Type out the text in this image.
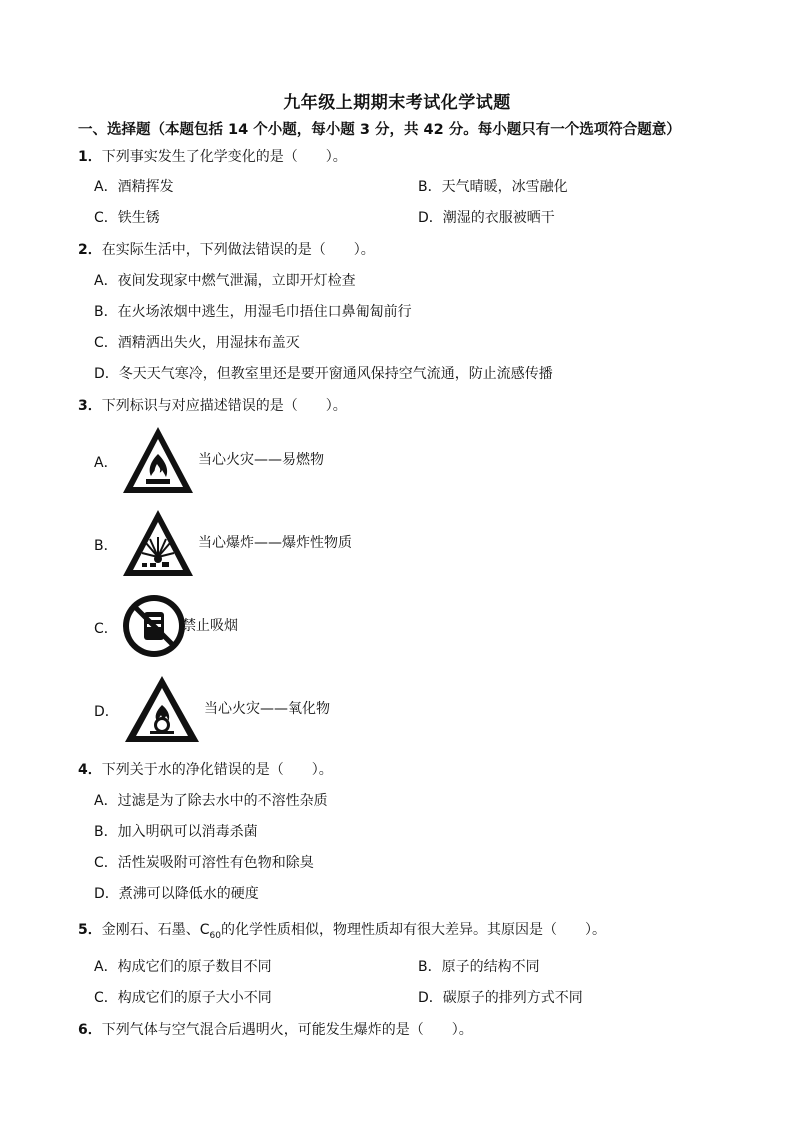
九年级上期期末考试化学试题
一、选择题（本题包括 14 个小题，每小题 3 分，共 42 分。每小题只有一个选项符合题意）
1．下列事实发生了化学变化的是（　　）。
A．酒精挥发	B．天气晴暖，冰雪融化
C．铁生锈	D．潮湿的衣服被晒干
2．在实际生活中，下列做法错误的是（　　）。
A．夜间发现家中燃气泄漏，立即开灯检查
B．在火场浓烟中逃生，用湿毛巾捂住口鼻匍匐前行
C．酒精洒出失火，用湿抹布盖灭
D．冬天天气寒冷，但教室里还是要开窗通风保持空气流通，防止流感传播
3．下列标识与对应描述错误的是（　　）。
A．	当心火灾——易燃物
B．	当心爆炸——爆炸性物质
C．	禁止吸烟
D．	当心火灾——氧化物
4．下列关于水的净化错误的是（　　）。
A．过滤是为了除去水中的不溶性杂质
B．加入明矾可以消毒杀菌
C．活性炭吸附可溶性有色物和除臭
D．煮沸可以降低水的硬度
5．金刚石、石墨、$C_{60}$的化学性质相似，物理性质却有很大差异。其原因是（　　）。
A．构成它们的原子数目不同	B．原子的结构不同
C．构成它们的原子大小不同	D．碳原子的排列方式不同
6．下列气体与空气混合后遇明火，可能发生爆炸的是（　　）。
